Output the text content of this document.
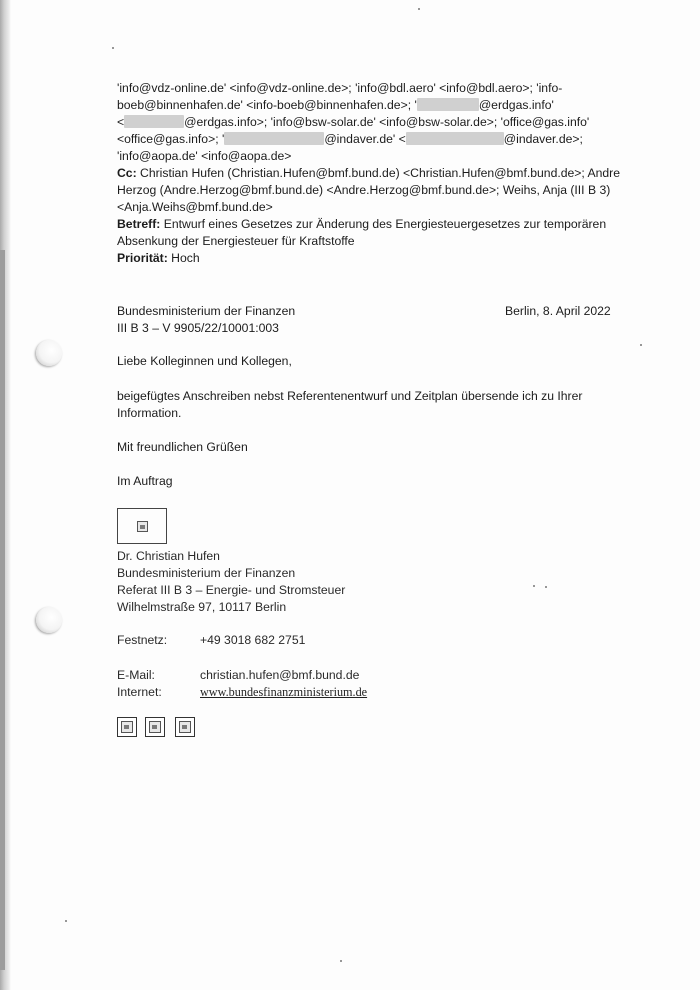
'info@vdz-online.de' <info@vdz-online.de>; 'info@bdl.aero' <info@bdl.aero>; 'info-
boeb@binnenhafen.de' <info-boeb@binnenhafen.de>; '	@erdgas.info'
<	@erdgas.info>; 'info@bsw-solar.de' <info@bsw-solar.de>; 'office@gas.info'
<office@gas.info>; '	@indaver.de' <	@indaver.de>;
'info@aopa.de' <info@aopa.de>
Cc: Christian Hufen (Christian.Hufen@bmf.bund.de) <Christian.Hufen@bmf.bund.de>; Andre
Herzog (Andre.Herzog@bmf.bund.de) <Andre.Herzog@bmf.bund.de>; Weihs, Anja (III B 3)
<Anja.Weihs@bmf.bund.de>
Betreff: Entwurf eines Gesetzes zur Änderung des Energiesteuergesetzes zur temporären
Absenkung der Energiesteuer für Kraftstoffe
Priorität: Hoch
Bundesministerium der Finanzen
III B 3 – V 9905/22/10001:003
Berlin, 8. April 2022
Liebe Kolleginnen und Kollegen,
beigefügtes Anschreiben nebst Referentenentwurf und Zeitplan übersende ich zu Ihrer
Information.
Mit freundlichen Grüßen
Im Auftrag
Dr. Christian Hufen
Bundesministerium der Finanzen
Referat III B 3 – Energie- und Stromsteuer
Wilhelmstraße 97, 10117 Berlin
Festnetz:	+49 3018 682 2751
E-Mail:	christian.hufen@bmf.bund.de
Internet:	www.bundesfinanzministerium.de
